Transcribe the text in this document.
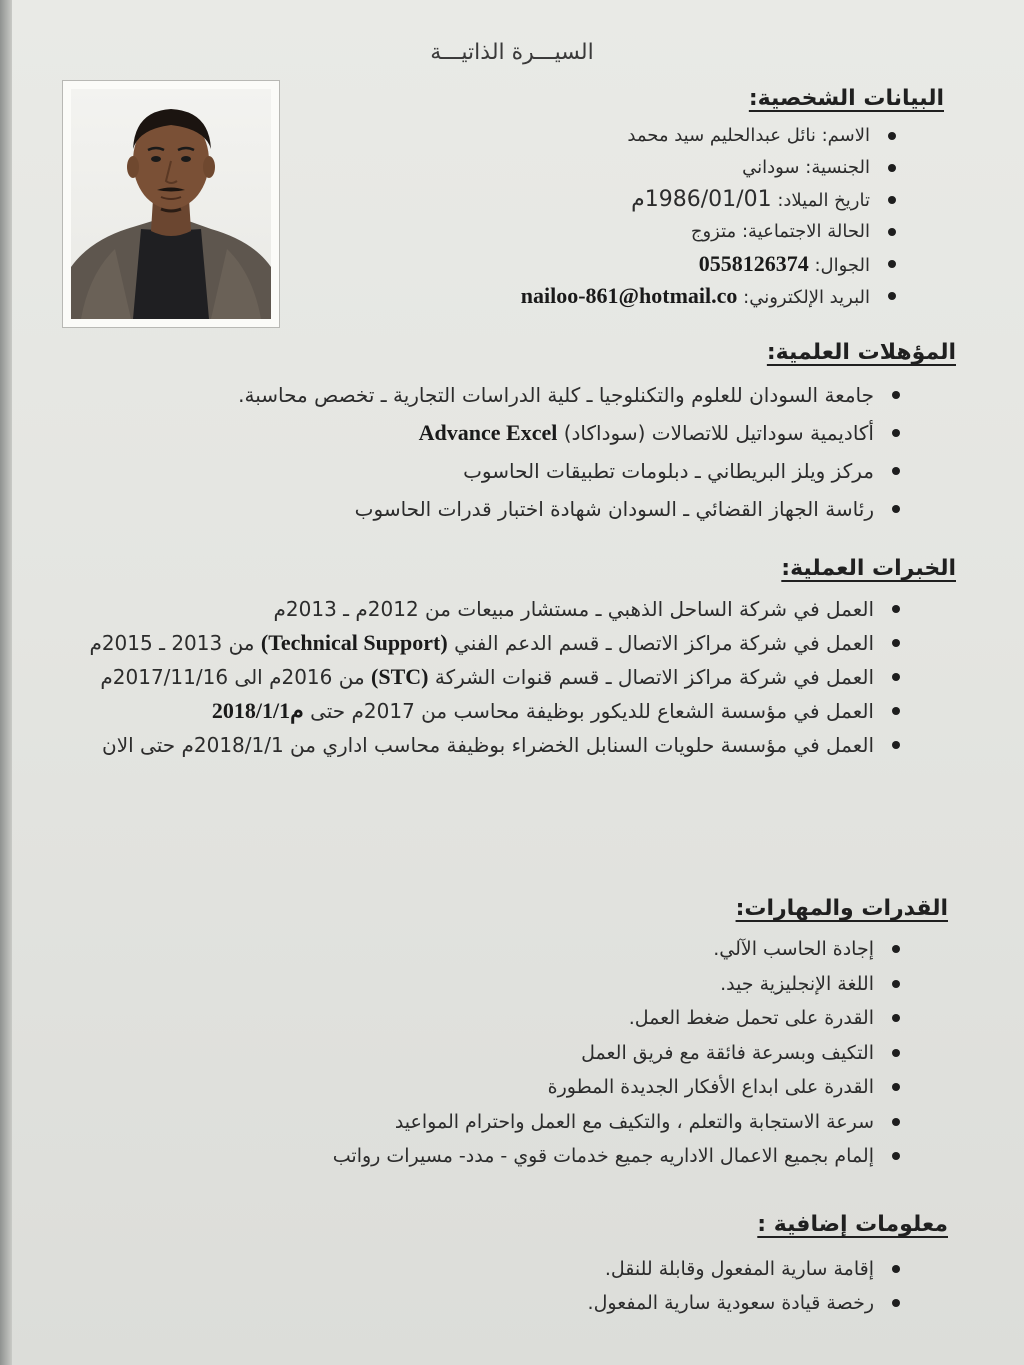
السيـــرة الذاتيـــة
البيانات الشخصية:
الاسم: نائل عبدالحليم سيد محمد
الجنسية: سوداني
تاريخ الميلاد: 1986/01/01م
الحالة الاجتماعية: متزوج
الجوال: 0558126374
البريد الإلكتروني: nailoo-861@hotmail.co
المؤهلات العلمية:
جامعة السودان للعلوم والتكنلوجيا ـ كلية الدراسات التجارية ـ تخصص محاسبة.
أكاديمية سوداتيل للاتصالات (سوداكاد) Advance Excel
مركز ويلز البريطاني ـ دبلومات تطبيقات الحاسوب
رئاسة الجهاز القضائي ـ السودان شهادة اختبار قدرات الحاسوب
الخبرات العملية:
العمل في شركة الساحل الذهبي ـ مستشار مبيعات من 2012م ـ 2013م
العمل في شركة مراكز الاتصال ـ قسم الدعم الفني (Technical Support) من 2013 ـ 2015م
العمل في شركة مراكز الاتصال ـ قسم قنوات الشركة (STC) من 2016م الى 2017/11/16م
العمل في مؤسسة الشعاع للديكور بوظيفة محاسب من 2017م حتى 2018/1/1م
العمل في مؤسسة حلويات السنابل الخضراء بوظيفة محاسب اداري من 2018/1/1م حتى الان
القدرات والمهارات:
إجادة الحاسب الآلي.
اللغة الإنجليزية جيد.
القدرة على تحمل ضغط العمل.
التكيف وبسرعة فائقة مع فريق العمل
القدرة على ابداع الأفكار الجديدة المطورة
سرعة الاستجابة والتعلم ، والتكيف مع العمل واحترام المواعيد
إلمام بجميع الاعمال الاداريه جميع خدمات قوي - مدد- مسيرات رواتب
معلومات إضافية :
إقامة سارية المفعول وقابلة للنقل.
رخصة قيادة سعودية سارية المفعول.
